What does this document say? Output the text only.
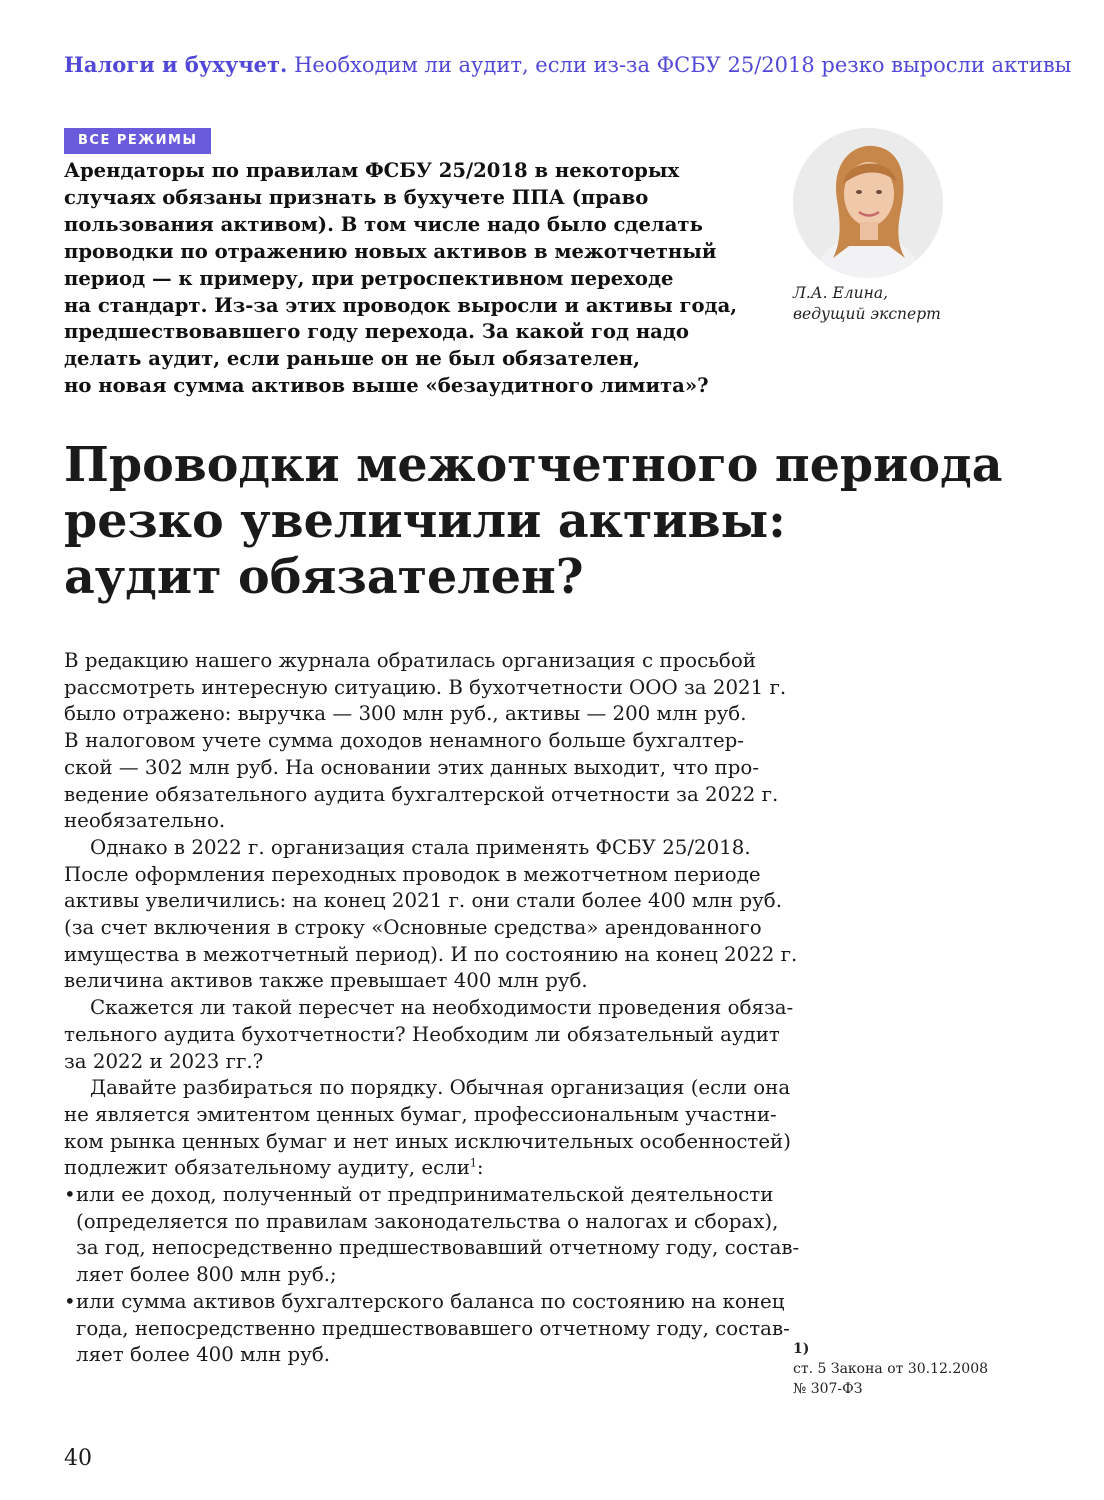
Налоги и бухучет. Необходим ли аудит, если из-за ФСБУ 25/2018 резко выросли активы
ВСЕ РЕЖИМЫ

Арендаторы по правилам ФСБУ 25/2018 в некоторых
случаях обязаны признать в бухучете ППА (право
пользования активом). В том числе надо было сделать
проводки по отражению новых активов в межотчетный
период — к примеру, при ретроспективном переходе
на стандарт. Из-за этих проводок выросли и активы года,
предшествовавшего году перехода. За какой год надо
делать аудит, если раньше он не был обязателен,
но новая сумма активов выше «безаудитного лимита»?

Л.А. Елина,
ведущий эксперт
Проводки межотчетного периода
резко увеличили активы:
аудит обязателен?
В редакцию нашего журнала обратилась организация с просьбой
рассмотреть интересную ситуацию. В бухотчетности ООО за 2021 г.
было отражено: выручка — 300 млн руб., активы — 200 млн руб.
В налоговом учете сумма доходов ненамного больше бухгалтер-
ской — 302 млн руб. На основании этих данных выходит, что про-
ведение обязательного аудита бухгалтерской отчетности за 2022 г.
необязательно.
Однако в 2022 г. организация стала применять ФСБУ 25/2018.
После оформления переходных проводок в межотчетном периоде
активы увеличились: на конец 2021 г. они стали более 400 млн руб.
(за счет включения в строку «Основные средства» арендованного
имущества в межотчетный период). И по состоянию на конец 2022 г.
величина активов также превышает 400 млн руб.
Скажется ли такой пересчет на необходимости проведения обяза-
тельного аудита бухотчетности? Необходим ли обязательный аудит
за 2022 и 2023 гг.?
Давайте разбираться по порядку. Обычная организация (если она
не является эмитентом ценных бумаг, профессиональным участни-
ком рынка ценных бумаг и нет иных исключительных особенностей)
подлежит обязательному аудиту, если$^1$:
• или ее доход, полученный от предпринимательской деятельности
(определяется по правилам законодательства о налогах и сборах),
за год, непосредственно предшествовавший отчетному году, состав-
ляет более 800 млн руб.;
• или сумма активов бухгалтерского баланса по состоянию на конец
года, непосредственно предшествовавшего отчетному году, состав-
ляет более 400 млн руб.	1)
ст. 5 Закона от 30.12.2008
№ 307-ФЗ
40
